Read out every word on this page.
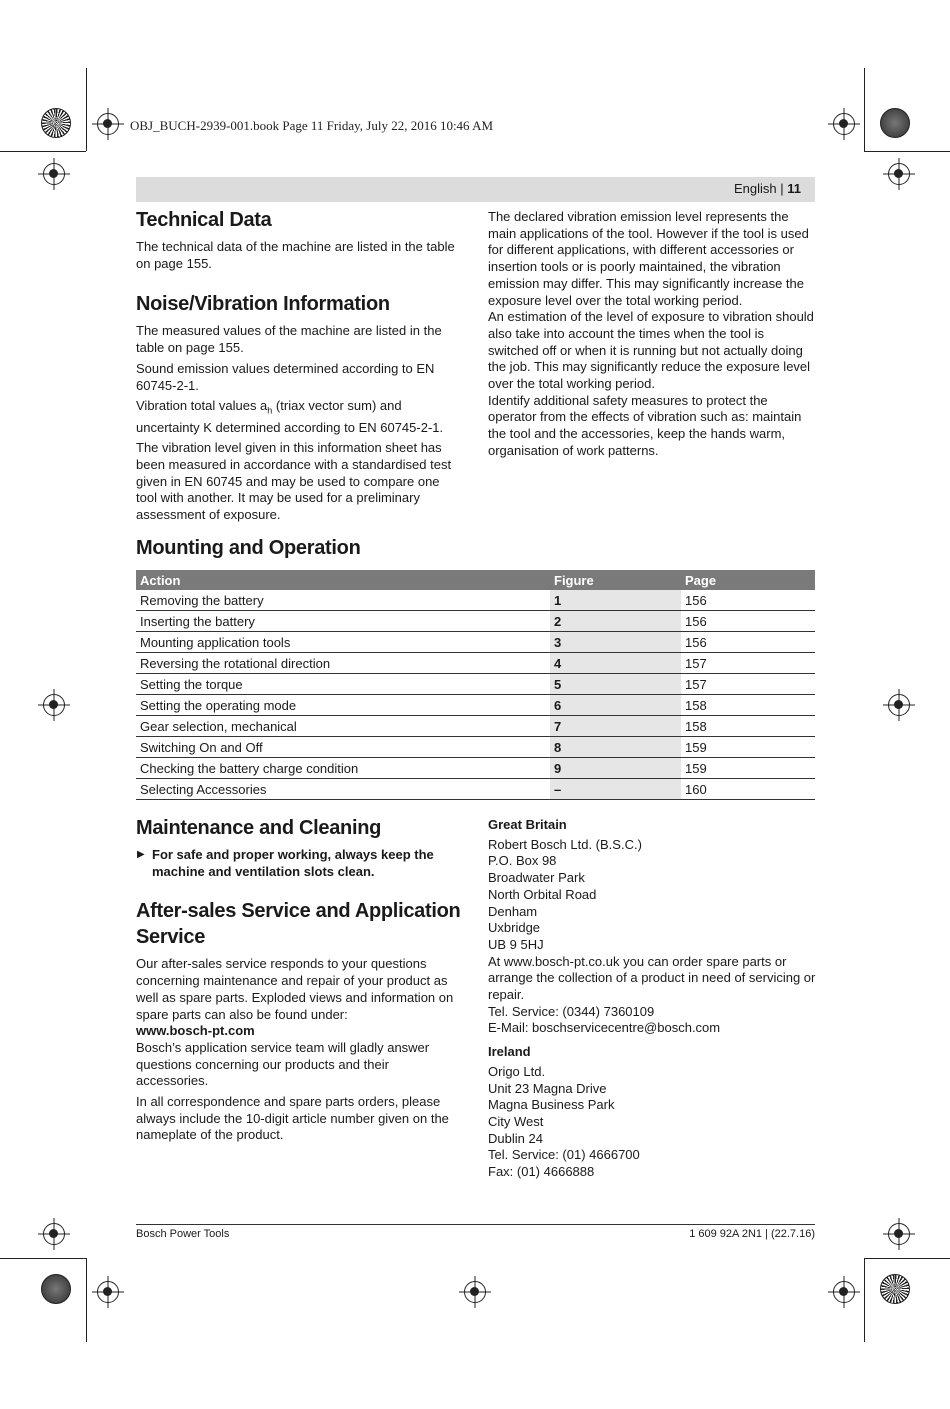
OBJ_BUCH-2939-001.book Page 11 Friday, July 22, 2016 10:46 AM
English | 11
Technical Data

The technical data of the machine are listed in the table on page 155.

Noise/Vibration Information

The measured values of the machine are listed in the table on page 155.

Sound emission values determined according to EN 60745-2-1.

Vibration total values $a_h$ (triax vector sum) and uncertainty K determined according to EN 60745-2-1.

The vibration level given in this information sheet has been measured in accordance with a standardised test given in EN 60745 and may be used to compare one tool with another. It may be used for a preliminary assessment of exposure.

The declared vibration emission level represents the main applications of the tool. However if the tool is used for different applications, with different accessories or insertion tools or is poorly maintained, the vibration emission may differ. This may significantly increase the exposure level over the total working period.

An estimation of the level of exposure to vibration should also take into account the times when the tool is switched off or when it is running but not actually doing the job. This may significantly reduce the exposure level over the total working period.

Identify additional safety measures to protect the operator from the effects of vibration such as: maintain the tool and the accessories, keep the hands warm, organisation of work patterns.

Mounting and Operation
Action	Figure	Page
Removing the battery	1	156
Inserting the battery	2	156
Mounting application tools	3	156
Reversing the rotational direction	4	157
Setting the torque	5	157
Setting the operating mode	6	158
Gear selection, mechanical	7	158
Switching On and Off	8	159
Checking the battery charge condition	9	159
Selecting Accessories	–	160
Maintenance and Cleaning
▶ For safe and proper working, always keep the machine and ventilation slots clean.
After-sales Service and Application Service

Our after-sales service responds to your questions concerning maintenance and repair of your product as well as spare parts. Exploded views and information on spare parts can also be found under:

www.bosch-pt.com

Bosch’s application service team will gladly answer questions concerning our products and their accessories.

In all correspondence and spare parts orders, please always include the 10-digit article number given on the nameplate of the product.

Great Britain

Robert Bosch Ltd. (B.S.C.)

P.O. Box 98

Broadwater Park

North Orbital Road

Denham

Uxbridge

UB 9 5HJ

At www.bosch-pt.co.uk you can order spare parts or arrange the collection of a product in need of servicing or repair.

Tel. Service: (0344) 7360109

E-Mail: boschservicecentre@bosch.com

Ireland

Origo Ltd.

Unit 23 Magna Drive

Magna Business Park

City West

Dublin 24

Tel. Service: (01) 4666700

Fax: (01) 4666888

Bosch Power Tools	1 609 92A 2N1 | (22.7.16)
